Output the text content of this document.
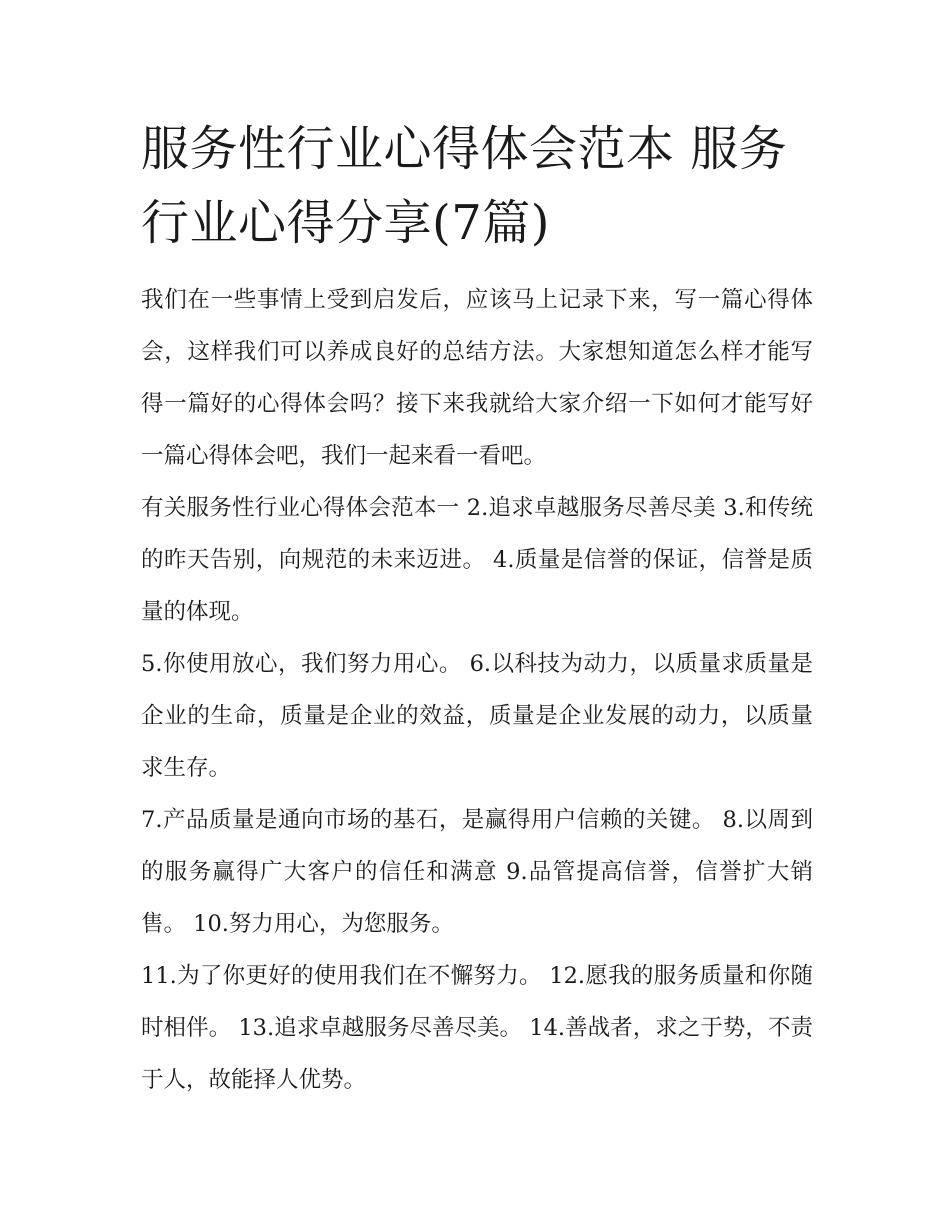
服务性行业心得体会范本 服务行业心得分享(7篇)

我们在一些事情上受到启发后，应该马上记录下来，写一篇心得体会，这样我们可以养成良好的总结方法。大家想知道怎么样才能写得一篇好的心得体会吗？接下来我就给大家介绍一下如何才能写好一篇心得体会吧，我们一起来看一看吧。

有关服务性行业心得体会范本一 2.追求卓越服务尽善尽美 3.和传统的昨天告别，向规范的未来迈进。 4.质量是信誉的保证，信誉是质量的体现。

5.你使用放心，我们努力用心。 6.以科技为动力，以质量求质量是企业的生命，质量是企业的效益，质量是企业发展的动力，以质量求生存。

7.产品质量是通向市场的基石，是赢得用户信赖的关键。 8.以周到的服务赢得广大客户的信任和满意 9.品管提高信誉，信誉扩大销售。 10.努力用心，为您服务。

11.为了你更好的使用我们在不懈努力。 12.愿我的服务质量和你随时相伴。 13.追求卓越服务尽善尽美。 14.善战者，求之于势，不责于人，故能择人优势。
